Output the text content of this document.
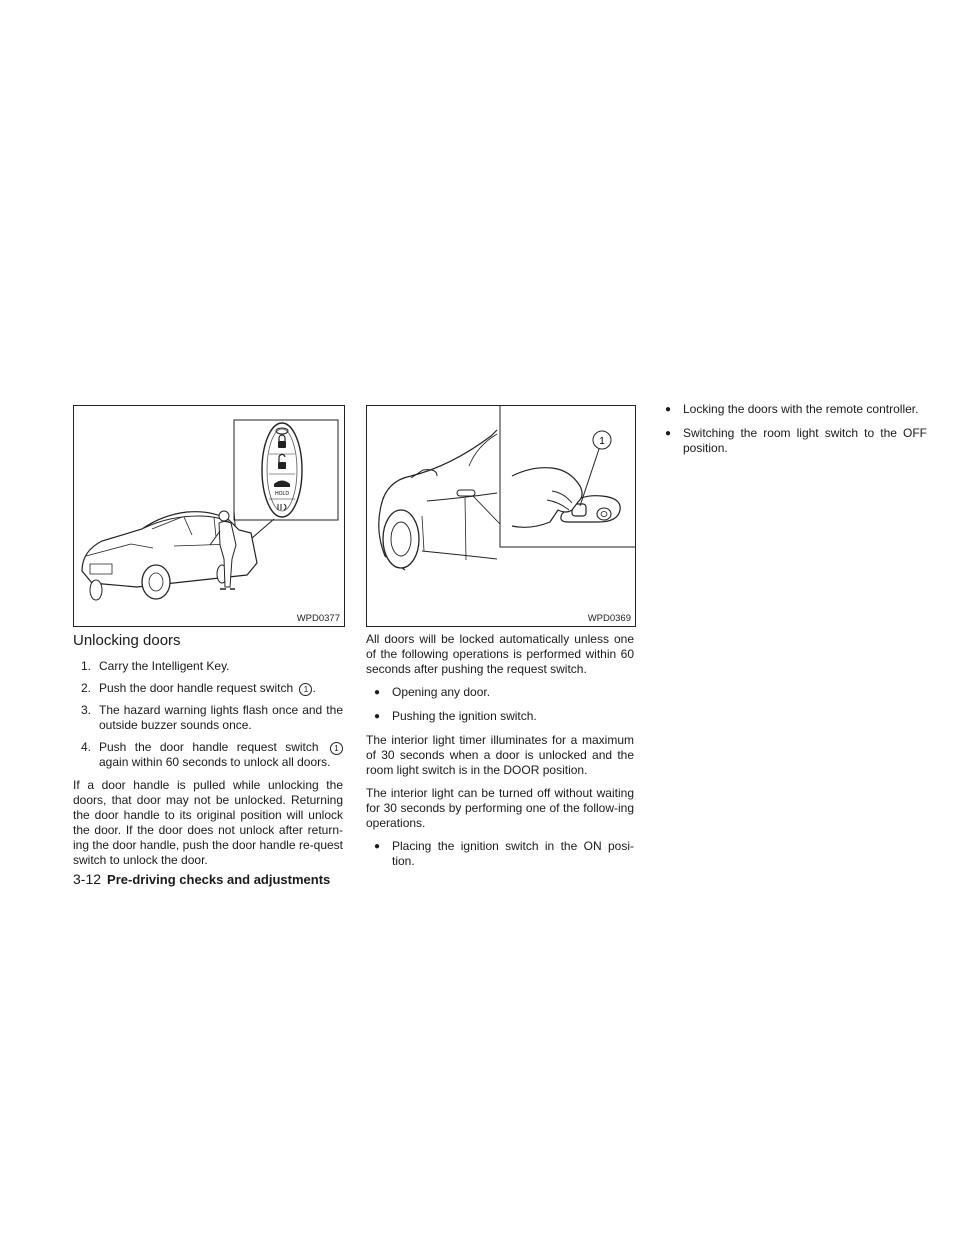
HOLD
WPD0377
1
WPD0369
Unlocking doors
1. Carry the Intelligent Key.
2. Push the door handle request switch 1 .
3. The hazard warning lights flash once and the outside buzzer sounds once.
4. Push the door handle request switch 1 again within 60 seconds to unlock all doors.

If a door handle is pulled while unlocking the doors, that door may not be unlocked. Returning the door handle to its original position will unlock the door. If the door does not unlock after return-ing the door handle, push the door handle re-quest switch to unlock the door.

All doors will be locked automatically unless one of the following operations is performed within 60 seconds after pushing the request switch.

● Opening any door.
● Pushing the ignition switch.

The interior light timer illuminates for a maximum of 30 seconds when a door is unlocked and the room light switch is in the DOOR position.

The interior light can be turned off without waiting for 30 seconds by performing one of the follow-ing operations.

● Placing the ignition switch in the ON posi-tion.
● Locking the doors with the remote controller.
● Switching the room light switch to the OFF position.
3-12 Pre-driving checks and adjustments
